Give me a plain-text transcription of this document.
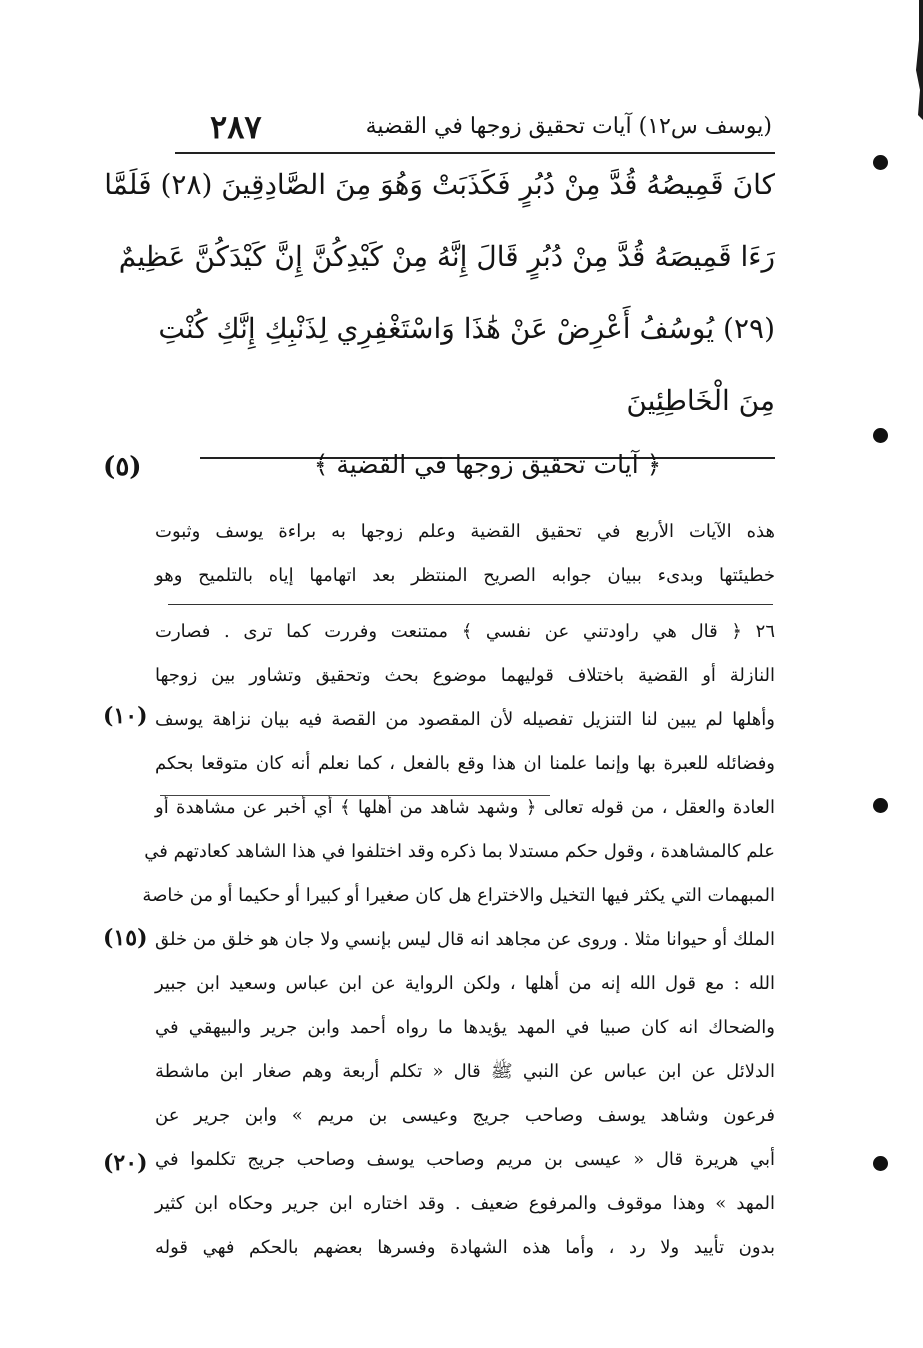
٢٨٧	(يوسف س١٢) آيات تحقيق زوجها في القضية
كانَ قَمِيصُهُ قُدَّ مِنْ دُبُرٍ فَكَذَبَتْ وَهُوَ مِنَ الصَّادِقِينَ (٢٨) فَلَمَّا
رَءَا قَمِيصَهُ قُدَّ مِنْ دُبُرٍ قَالَ إِنَّهُ مِنْ كَيْدِكُنَّ إِنَّ كَيْدَكُنَّ عَظِيمٌ
(٢٩) يُوسُفُ أَعْرِضْ عَنْ هَٰذَا وَاسْتَغْفِرِي لِذَنْبِكِ إِنَّكِ كُنْتِ
مِنَ الْخَاطِئِينَ
﴿ آيات تحقيق زوجها في القضية ﴾
(٥)
هذه الآيات الأربع في تحقيق القضية وعلم زوجها به براءة يوسف وثبوت
خطيئتها وبدىء ببيان جوابه الصريح المنتظر بعد اتهامها إياه بالتلميح وهو
٢٦ ﴿ قال هي راودتني عن نفسي ﴾ ممتنعت وفررت كما ترى . فصارت
النازلة أو القضية باختلاف قوليهما موضوع بحث وتحقيق وتشاور بين زوجها
وأهلها لم يبين لنا التنزيل تفصيله لأن المقصود من القصة فيه بيان نزاهة يوسف
وفضائله للعبرة بها وإنما علمنا ان هذا وقع بالفعل ، كما نعلم أنه كان متوقعا بحكم
العادة والعقل ، من قوله تعالى ﴿ وشهد شاهد من أهلها ﴾ أي أخبر عن مشاهدة أو
علم كالمشاهدة ، وقول حكم مستدلا بما ذكره وقد اختلفوا في هذا الشاهد كعادتهم في
المبهمات التي يكثر فيها التخيل والاختراع هل كان صغيرا أو كبيرا أو حكيما أو من خاصة
الملك أو حيوانا مثلا . وروى عن مجاهد انه قال ليس بإنسي ولا جان هو خلق من خلق
الله : مع قول الله إنه من أهلها ، ولكن الرواية عن ابن عباس وسعيد ابن جبير
والضحاك انه كان صبيا في المهد يؤيدها ما رواه أحمد وابن جرير والبيهقي في
الدلائل عن ابن عباس عن النبي ﷺ قال « تكلم أربعة وهم صغار ابن ماشطة
فرعون وشاهد يوسف وصاحب جريج وعيسى بن مريم » وابن جرير عن
أبي هريرة قال « عيسى بن مريم وصاحب يوسف وصاحب جريج تكلموا في
المهد » وهذا موقوف والمرفوع ضعيف . وقد اختاره ابن جرير وحكاه ابن كثير
بدون تأييد ولا رد ، وأما هذه الشهادة وفسرها بعضهم بالحكم فهي قوله
(١٠)
(١٥)
(٢٠)
